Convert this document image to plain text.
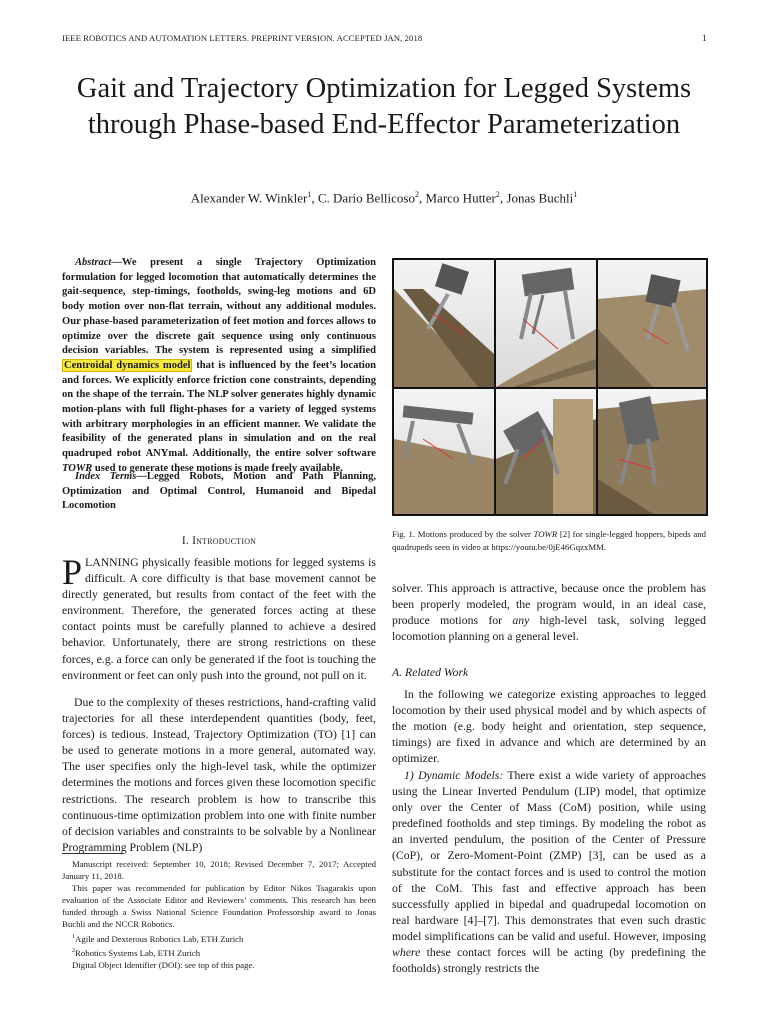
IEEE ROBOTICS AND AUTOMATION LETTERS. PREPRINT VERSION. ACCEPTED JAN, 2018	1
Gait and Trajectory Optimization for Legged Systems through Phase-based End-Effector Parameterization
Alexander W. Winkler$^1$, C. Dario Bellicoso$^2$, Marco Hutter$^2$, Jonas Buchli$^1$
Abstract—We present a single Trajectory Optimization formulation for legged locomotion that automatically determines the gait-sequence, step-timings, footholds, swing-leg motions and 6D body motion over non-flat terrain, without any additional modules. Our phase-based parameterization of feet motion and forces allows to optimize over the discrete gait sequence using only continuous decision variables. The system is represented using a simplified Centroidal dynamics model that is influenced by the feet’s location and forces. We explicitly enforce friction cone constraints, depending on the shape of the terrain. The NLP solver generates highly dynamic motion-plans with full flight-phases for a variety of legged systems with arbitrary morphologies in an efficient manner. We validate the feasibility of the generated plans in simulation and on the real quadruped robot ANYmal. Additionally, the entire solver software TOWR used to generate these motions is made freely available.
Index Terms—Legged Robots, Motion and Path Planning, Optimization and Optimal Control, Humanoid and Bipedal Locomotion
I. Introduction
PLANNING physically feasible motions for legged systems is difficult. A core difficulty is that base movement cannot be directly generated, but results from contact of the feet with the environment. Therefore, the generated forces acting at these contact points must be carefully planned to achieve a desired behavior. Unfortunately, there are strong restrictions on these forces, e.g. a force can only be generated if the foot is touching the environment or feet can only push into the ground, not pull on it.
Due to the complexity of theses restrictions, hand-crafting valid trajectories for all these interdependent quantities (body, feet, forces) is tedious. Instead, Trajectory Optimization (TO) [1] can be used to generate motions in a more general, automated way. The user specifies only the high-level task, while the optimizer determines the motions and forces given these locomotion specific restrictions. The research problem is how to transcribe this continuous-time optimization problem into one with finite number of decision variables and constraints to be solvable by a Nonlinear Programming Problem (NLP)

Manuscript received: September 10, 2018; Revised December 7, 2017; Accepted January 11, 2018.

This paper was recommended for publication by Editor Nikos Tsagarakis upon evaluation of the Associate Editor and Reviewers’ comments. This research has been funded through a Swiss National Science Foundation Professorship award to Jonas Buchli and the NCCR Robotics.

$^1$Agile and Dexterous Robotics Lab, ETH Zurich

$^2$Robotics Systems Lab, ETH Zurich

Digital Object Identifier (DOI): see top of this page.

Fig. 1. Motions produced by the solver TOWR [2] for single-legged hoppers, bipeds and quadrupeds seen in video at https://youtu.be/0jE46GqzxMM.
solver. This approach is attractive, because once the problem has been properly modeled, the program would, in an ideal case, produce motions for any high-level task, solving legged locomotion planning on a general level.
A. Related Work
In the following we categorize existing approaches to legged locomotion by their used physical model and by which aspects of the motion (e.g. body height and orientation, step sequence, timings) are fixed in advance and which are determined by an optimizer.
1) Dynamic Models: There exist a wide variety of approaches using the Linear Inverted Pendulum (LIP) model, that optimize only over the Center of Mass (CoM) position, while using predefined footholds and step timings. By modeling the robot as an inverted pendulum, the position of the Center of Pressure (CoP), or Zero-Moment-Point (ZMP) [3], can be used as a substitute for the contact forces and is used to control the motion of the CoM. This fast and effective approach has been successfully applied in bipedal and quadrupedal locomotion on real hardware [4]–[7]. This demonstrates that even such drastic model simplifications can be valid and useful. However, imposing where these contact forces will be acting (by predefining the footholds) strongly restricts the
